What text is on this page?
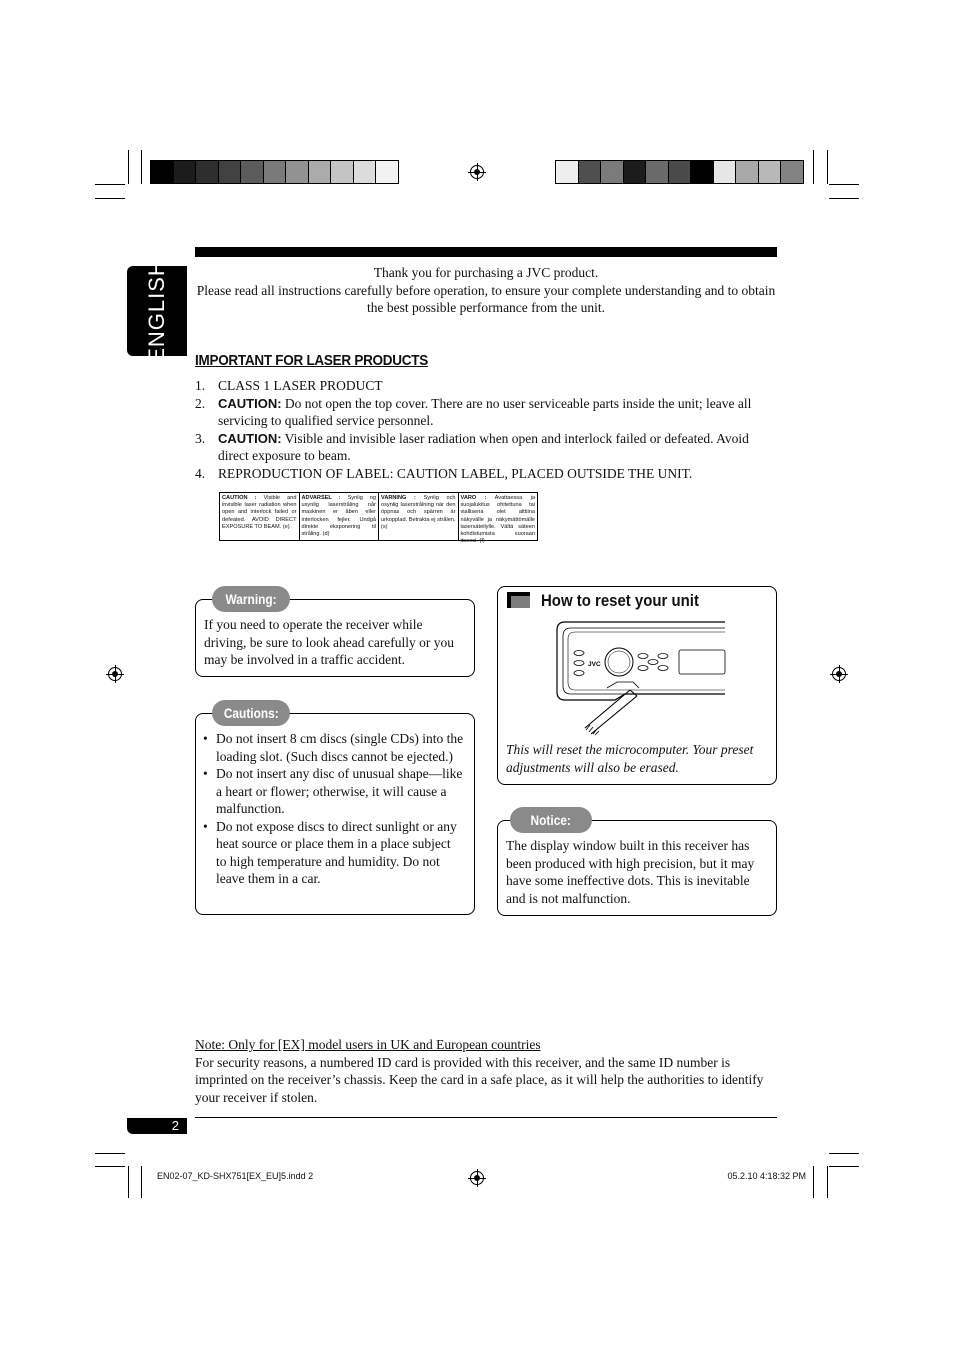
ENGLISH	Thank you for purchasing a JVC product.
Please read all instructions carefully before operation, to ensure your complete understanding and to obtain the best possible performance from the unit.
IMPORTANT FOR LASER PRODUCTS
1. CLASS 1 LASER PRODUCT
2. CAUTION: Do not open the top cover. There are no user serviceable parts inside the unit; leave all servicing to qualified service personnel.
3. CAUTION: Visible and invisible laser radiation when open and interlock failed or defeated. Avoid direct exposure to beam.
4. REPRODUCTION OF LABEL: CAUTION LABEL, PLACED OUTSIDE THE UNIT.
CAUTION : Visible and invisible laser radiation when open and interlock failed or defeated. AVOID DIRECT EXPOSURE TO BEAM. (e)
ADVARSEL : Synlig og usynlig laserstråling når maskinen er åben eller interlocken fejler. Undgå direkte eksponering til stråling. (d)
VARNING : Synlig och osynlig laserstrålning när den öppnas och spärren är urkopplad. Betrakta ej strålen. (s)
VARO : Avattaessa ja suojalukitus ohitettuna tai viallisena olet alttiina näkyvälle ja näkymättömälle lasersäteilylle. Vältä säteen kohdistumista suoraan itseesi. (f)
Warning:
If you need to operate the receiver while driving, be sure to look ahead carefully or you may be involved in a traffic accident.
Cautions:
• Do not insert 8 cm discs (single CDs) into the loading slot. (Such discs cannot be ejected.)
• Do not insert any disc of unusual shape—like a heart or flower; otherwise, it will cause a malfunction.
• Do not expose discs to direct sunlight or any heat source or place them in a place subject to high temperature and humidity. Do not leave them in a car.
How to reset your unit
JVC
This will reset the microcomputer. Your preset adjustments will also be erased.
Notice:
The display window built in this receiver has been produced with high precision, but it may have some ineffective dots. This is inevitable and is not malfunction.
Note: Only for [EX] model users in UK and European countries
For security reasons, a numbered ID card is provided with this receiver, and the same ID number is imprinted on the receiver’s chassis. Keep the card in a safe place, as it will help the authorities to identify your receiver if stolen.
2
EN02-07_KD-SHX751[EX_EU]5.indd 2	05.2.10 4:18:32 PM
